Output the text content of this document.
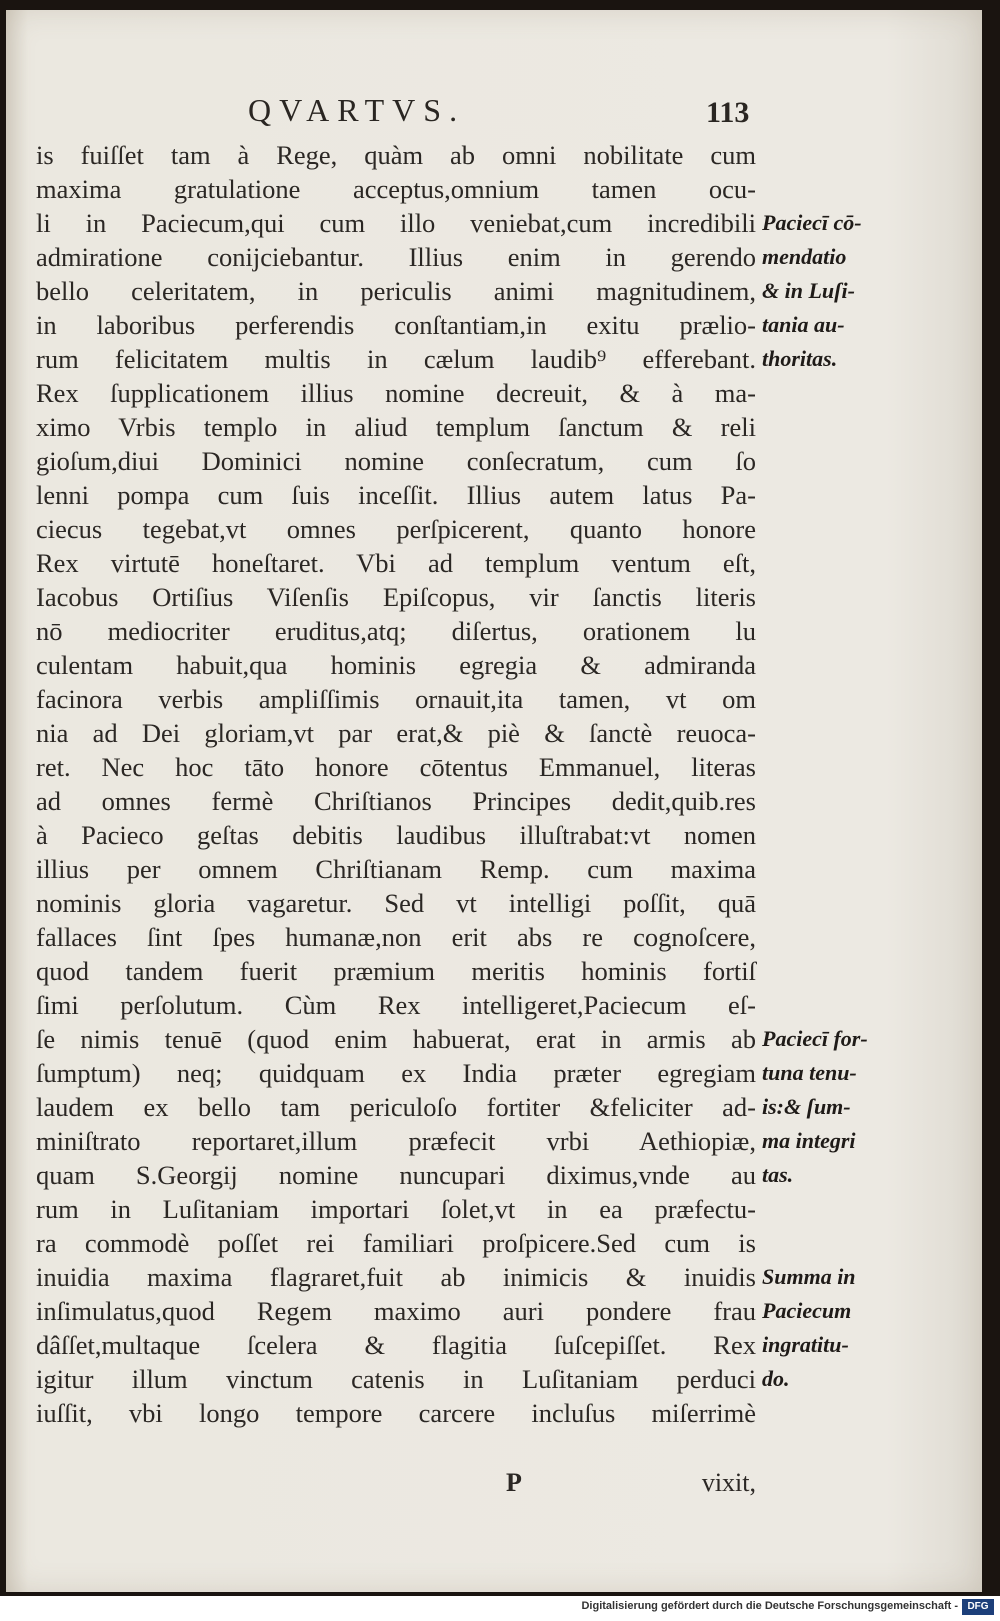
QVARTVS.	113
is fuiſſet tam à Rege, quàm ab omni nobilitate cum
maxima gratulatione acceptus,omnium tamen ocu-
li in Paciecum,qui cum illo veniebat,cum incredibili
admiratione conijciebantur. Illius enim in gerendo
bello celeritatem, in periculis animi magnitudinem,
in laboribus perferendis conſtantiam,in exitu prælio-
rum felicitatem multis in cælum laudib⁹ efferebant.
Rex ſupplicationem illius nomine decreuit, & à ma-
ximo Vrbis templo in aliud templum ſanctum & reli
gioſum,diui Dominici nomine conſecratum, cum ſo
lenni pompa cum ſuis inceſſit. Illius autem latus Pa-
ciecus tegebat,vt omnes perſpicerent, quanto honore
Rex virtutē honeſtaret. Vbi ad templum ventum eſt,
Iacobus Ortiſius Viſenſis Epiſcopus, vir ſanctis literis
nō mediocriter eruditus,atq; diſertus, orationem lu
culentam habuit,qua hominis egregia & admiranda
facinora verbis ampliſſimis ornauit,ita tamen, vt om
nia ad Dei gloriam,vt par erat,& piè & ſanctè reuoca-
ret. Nec hoc tāto honore cōtentus Emmanuel, literas
ad omnes fermè Chriſtianos Principes dedit,quib.res
à Pacieco geſtas debitis laudibus illuſtrabat:vt nomen
illius per omnem Chriſtianam Remp. cum maxima
nominis gloria vagaretur. Sed vt intelligi poſſit, quā
fallaces ſint ſpes humanæ,non erit abs re cognoſcere,
quod tandem fuerit præmium meritis hominis fortiſ
ſimi perſolutum. Cùm Rex intelligeret,Paciecum eſ-
ſe nimis tenuē (quod enim habuerat, erat in armis ab
ſumptum) neq; quidquam ex India præter egregiam
laudem ex bello tam periculoſo fortiter &feliciter ad-
miniſtrato reportaret,illum præfecit vrbi Aethiopiæ,
quam S.Georgij nomine nuncupari diximus,vnde au
rum in Luſitaniam importari ſolet,vt in ea præfectu-
ra commodè poſſet rei familiari proſpicere.Sed cum is
inuidia maxima flagraret,fuit ab inimicis & inuidis
inſimulatus,quod Regem maximo auri pondere frau
dâſſet,multaque ſcelera & flagitia ſuſcepiſſet. Rex
igitur illum vinctum catenis in Luſitaniam perduci
iuſſit, vbi longo tempore carcere incluſus miſerrimè
Paciecī cō-
mendatio
& in Luſi-
tania au-
thoritas.
Paciecī for-
tuna tenu-
is:& ſum-
ma integri
tas.
Summa in
Paciecum
ingratitu-
do.
P	vixit,
Digitalisierung gefördert durch die Deutsche Forschungsgemeinschaft - DFG
